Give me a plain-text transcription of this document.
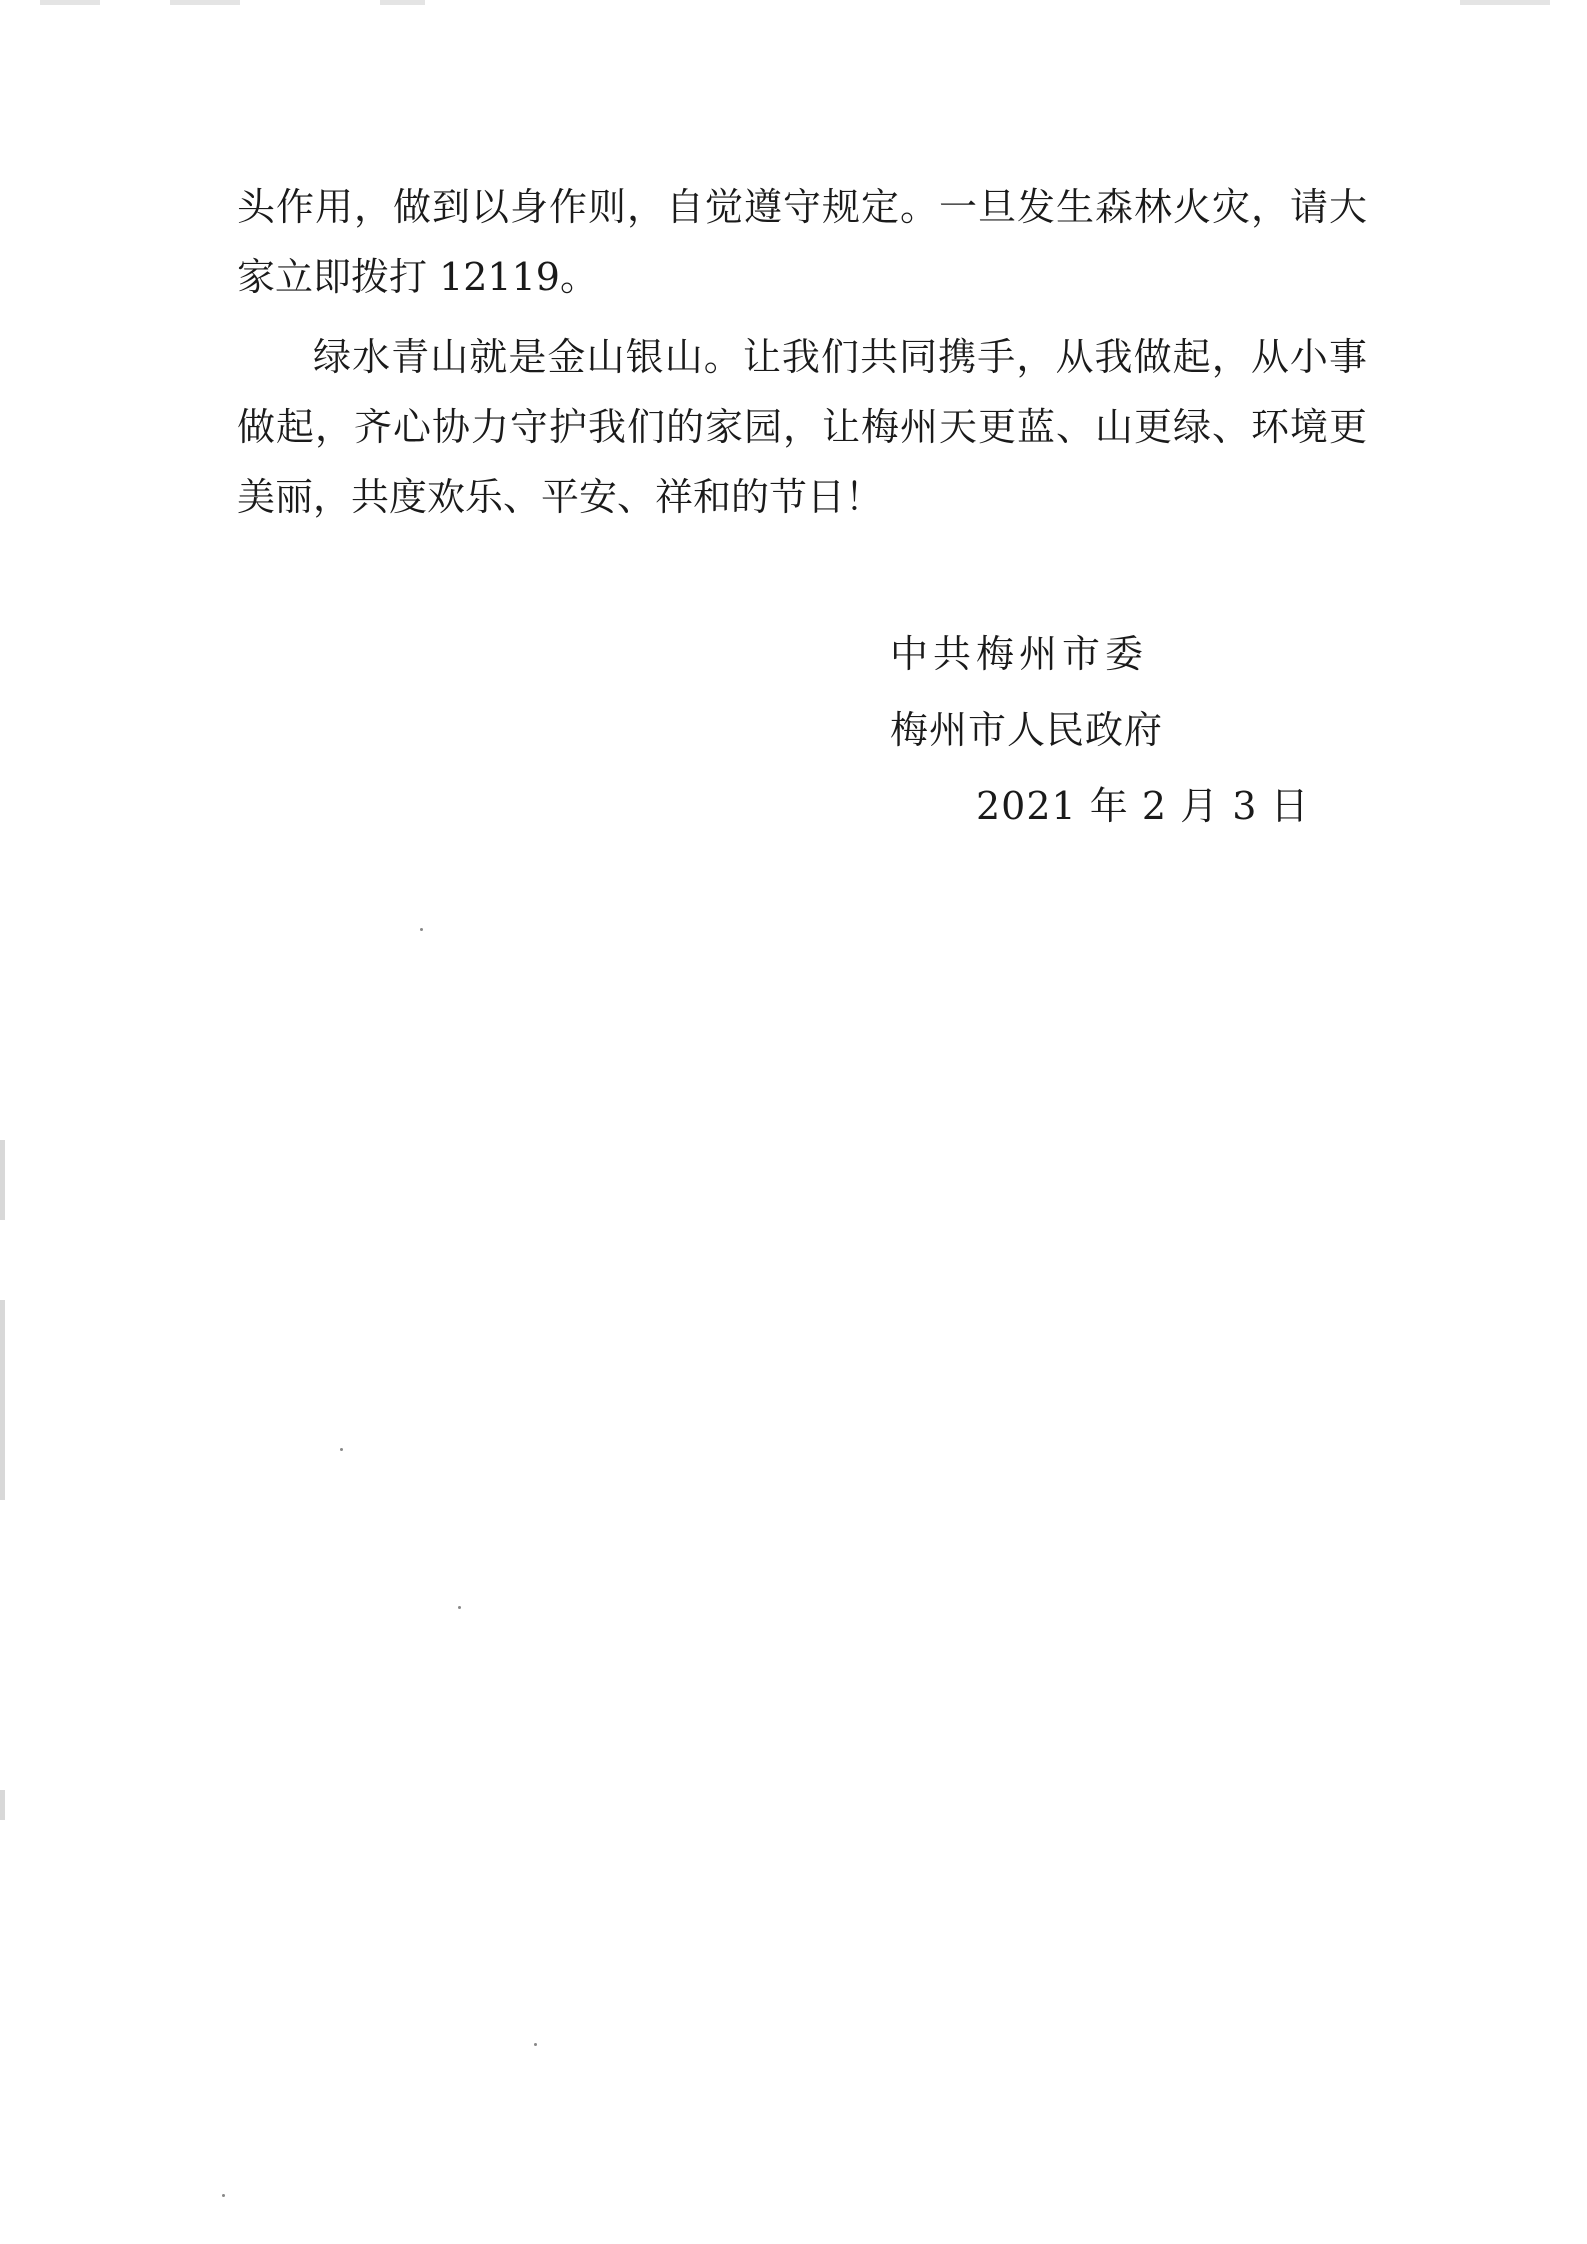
头作用，做到以身作则，自觉遵守规定。一旦发生森林火灾，请大家立即拨打 12119。

绿水青山就是金山银山。让我们共同携手，从我做起，从小事做起，齐心协力守护我们的家园，让梅州天更蓝、山更绿、环境更美丽，共度欢乐、平安、祥和的节日！

中共梅州市委
梅州市人民政府
2021 年 2 月 3 日
